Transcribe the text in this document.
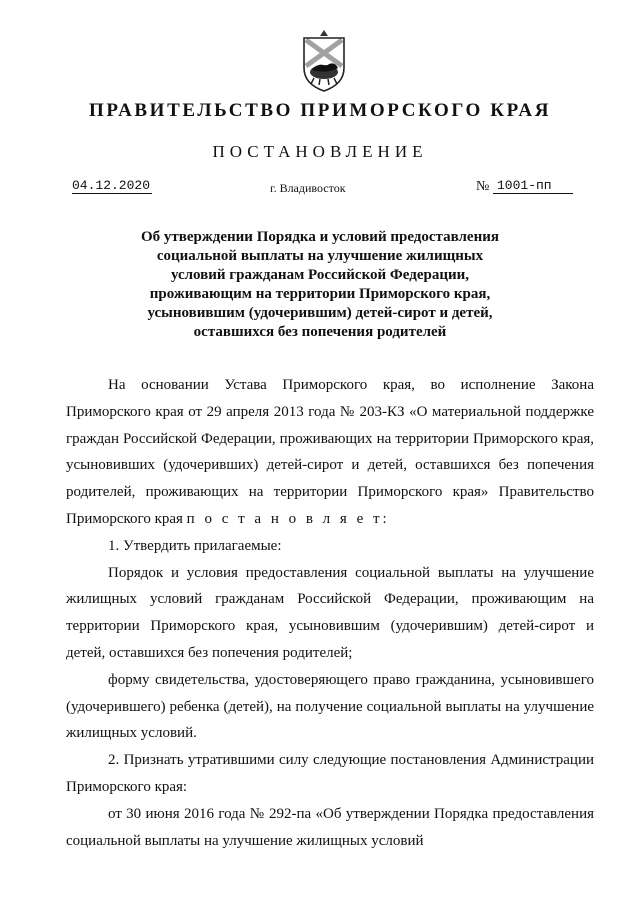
ПРАВИТЕЛЬСТВО ПРИМОРСКОГО КРАЯ
ПОСТАНОВЛЕНИЕ
04.12.2020	г. Владивосток	№ 1001-пп
Об утверждении Порядка и условий предоставления
социальной выплаты на улучшение жилищных
условий гражданам Российской Федерации,
проживающим на территории Приморского края,
усыновившим (удочерившим) детей-сирот и детей,
оставшихся без попечения родителей

На основании Устава Приморского края, во исполнение Закона Приморского края от 29 апреля 2013 года № 203-КЗ «О материальной поддержке граждан Российской Федерации, проживающих на территории Приморского края, усыновивших (удочеривших) детей-сирот и детей, оставшихся без попечения родителей, проживающих на территории Приморского края» Правительство Приморского края п о с т а н о в л я е т:

1. Утвердить прилагаемые:

Порядок и условия предоставления социальной выплаты на улучшение жилищных условий гражданам Российской Федерации, проживающим на территории Приморского края, усыновившим (удочерившим) детей-сирот и детей, оставшихся без попечения родителей;

форму свидетельства, удостоверяющего право гражданина, усыновившего (удочерившего) ребенка (детей), на получение социальной выплаты на улучшение жилищных условий.

2. Признать утратившими силу следующие постановления Администрации Приморского края:

от 30 июня 2016 года № 292-па «Об утверждении Порядка предоставления социальной выплаты на улучшение жилищных условий
